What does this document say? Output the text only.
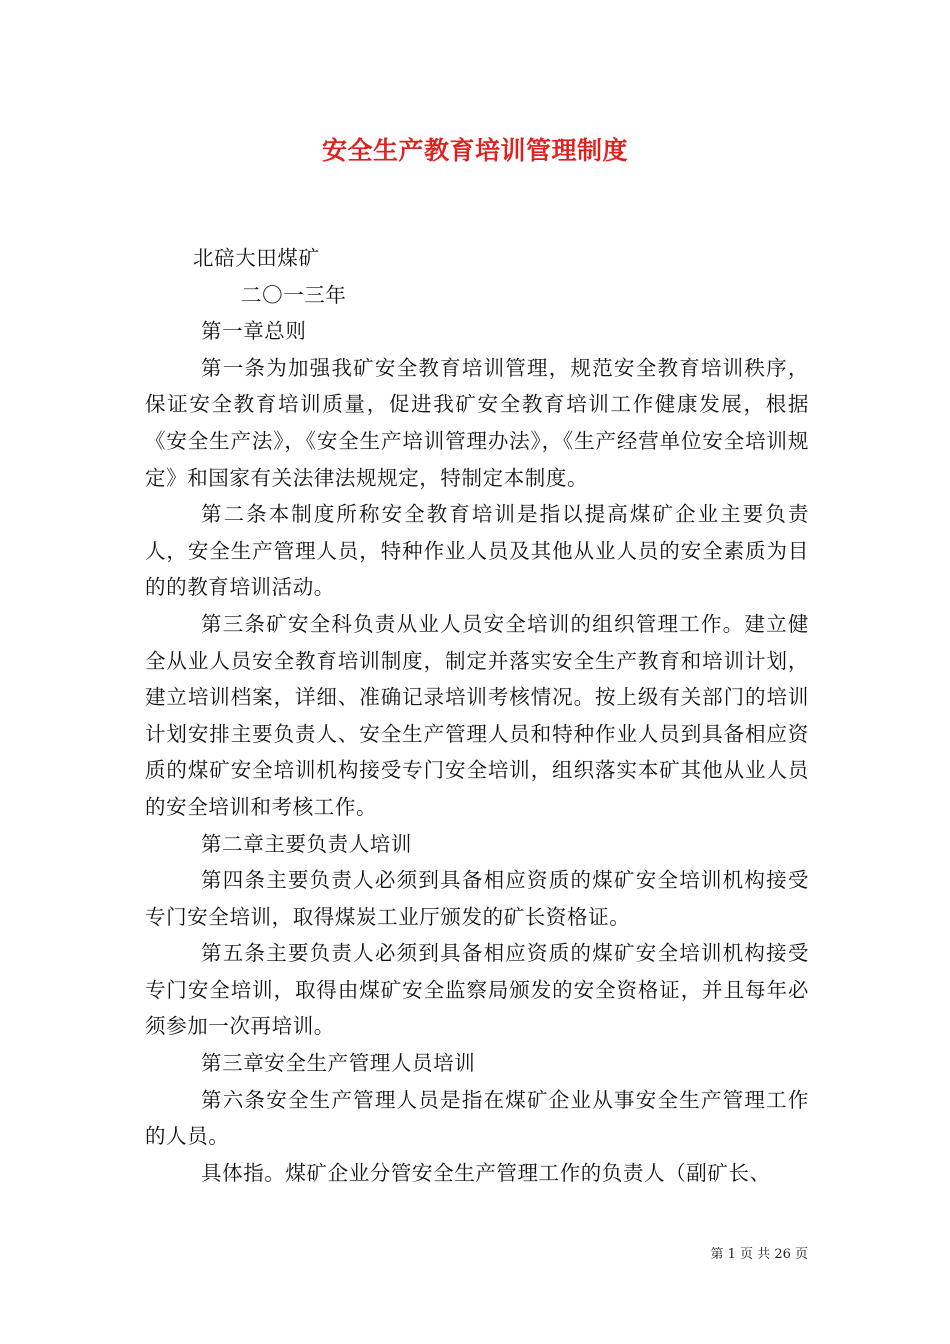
安全生产教育培训管理制度

北碚大田煤矿

二〇一三年

第一章总则

第一条为加强我矿安全教育培训管理，规范安全教育培训秩序，保证安全教育培训质量，促进我矿安全教育培训工作健康发展，根据《安全生产法》，《安全生产培训管理办法》，《生产经营单位安全培训规定》和国家有关法律法规规定，特制定本制度。

第二条本制度所称安全教育培训是指以提高煤矿企业主要负责人，安全生产管理人员，特种作业人员及其他从业人员的安全素质为目的的教育培训活动。

第三条矿安全科负责从业人员安全培训的组织管理工作。建立健全从业人员安全教育培训制度，制定并落实安全生产教育和培训计划，建立培训档案，详细、准确记录培训考核情况。按上级有关部门的培训计划安排主要负责人、安全生产管理人员和特种作业人员到具备相应资质的煤矿安全培训机构接受专门安全培训，组织落实本矿其他从业人员的安全培训和考核工作。

第二章主要负责人培训

第四条主要负责人必须到具备相应资质的煤矿安全培训机构接受专门安全培训，取得煤炭工业厅颁发的矿长资格证。

第五条主要负责人必须到具备相应资质的煤矿安全培训机构接受专门安全培训，取得由煤矿安全监察局颁发的安全资格证，并且每年必须参加一次再培训。

第三章安全生产管理人员培训

第六条安全生产管理人员是指在煤矿企业从事安全生产管理工作的人员。

具体指。煤矿企业分管安全生产管理工作的负责人（副矿长、

第 1 页 共 26 页
